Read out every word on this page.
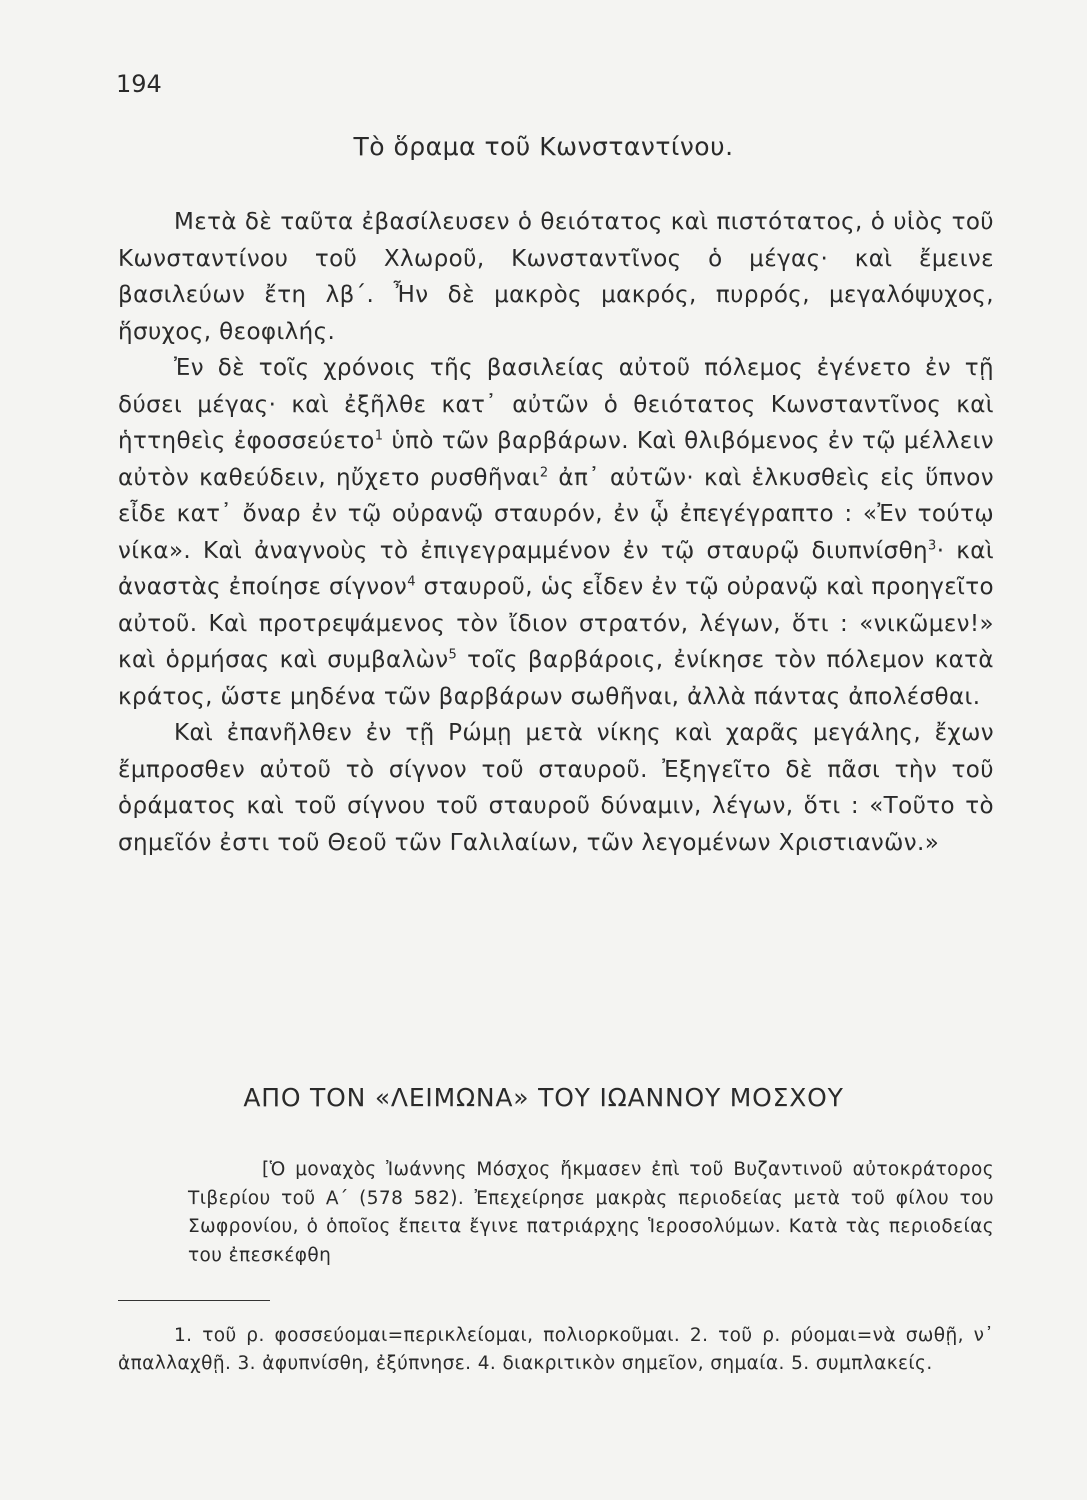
194
Τὸ ὅραμα τοῦ Κωνσταντίνου.

Μετὰ δὲ ταῦτα ἐβασίλευσεν ὁ θειότατος καὶ πιστότατος, ὁ υἱὸς τοῦ Κωνσταντίνου τοῦ Χλωροῦ, Κωνσταντῖνος ὁ μέγας· καὶ ἔμεινε βασιλεύων ἔτη λβ΄. Ἦν δὲ μακρὸς μακρός, πυρρός, μεγαλόψυχος, ἥσυχος, θεοφιλής.

Ἐν δὲ τοῖς χρόνοις τῆς βασιλείας αὐτοῦ πόλεμος ἐγένετο ἐν τῇ δύσει μέγας· καὶ ἐξῆλθε κατ᾽ αὐτῶν ὁ θειότατος Κωνσταντῖνος καὶ ἡττηθεὶς ἐφοσσεύετο$^1$ ὑπὸ τῶν βαρβάρων. Καὶ θλιβόμενος ἐν τῷ μέλλειν αὐτὸν καθεύδειν, ηὔχετο ρυσθῆναι$^2$ ἀπ᾽ αὐτῶν· καὶ ἑλκυσθεὶς εἰς ὕπνον εἶδε κατ᾽ ὄναρ ἐν τῷ οὐρανῷ σταυρόν, ἐν ᾧ ἐπεγέγραπτο : «Ἐν τούτῳ νίκα». Καὶ ἀναγνοὺς τὸ ἐπιγεγραμμένον ἐν τῷ σταυρῷ διυπνίσθη$^3$· καὶ ἀναστὰς ἐποίησε σίγνον$^4$ σταυροῦ, ὡς εἶδεν ἐν τῷ οὐρανῷ καὶ προηγεῖτο αὐτοῦ. Καὶ προτρεψάμενος τὸν ἴδιον στρατόν, λέγων, ὅτι : «νικῶμεν!» καὶ ὁρμήσας καὶ συμβαλὼν$^5$ τοῖς βαρβάροις, ἐνίκησε τὸν πόλεμον κατὰ κράτος, ὥστε μηδένα τῶν βαρβάρων σωθῆναι, ἀλλὰ πάντας ἀπολέσθαι.

Καὶ ἐπανῆλθεν ἐν τῇ Ρώμῃ μετὰ νίκης καὶ χαρᾶς μεγάλης, ἔχων ἔμπροσθεν αὐτοῦ τὸ σίγνον τοῦ σταυροῦ. Ἐξηγεῖτο δὲ πᾶσι τὴν τοῦ ὁράματος καὶ τοῦ σίγνου τοῦ σταυροῦ δύναμιν, λέγων, ὅτι : «Τοῦτο τὸ σημεῖόν ἐστι τοῦ Θεοῦ τῶν Γαλιλαίων, τῶν λεγομένων Χριστιανῶν.»

ΑΠΟ ΤΟΝ «ΛΕΙΜΩΝΑ» ΤΟΥ ΙΩΑΝΝΟΥ ΜΟΣΧΟΥ

[Ὁ μοναχὸς Ἰωάννης Μόσχος ἤκμασεν ἐπὶ τοῦ Βυζαντινοῦ αὐτοκράτορος Τιβερίου τοῦ Α΄ (578 582). Ἐπεχείρησε μακρὰς περιοδείας μετὰ τοῦ φίλου του Σωφρονίου, ὁ ὁποῖος ἔπειτα ἔγινε πατριάρχης Ἱεροσολύμων. Κατὰ τὰς περιοδείας του ἐπεσκέφθη

1. τοῦ ρ. φοσσεύομαι=περικλείομαι, πολιορκοῦμαι. 2. τοῦ ρ. ρύομαι=νὰ σωθῇ, ν᾽ ἀπαλλαχθῇ. 3. ἀφυπνίσθη, ἐξύπνησε. 4. διακριτικὸν σημεῖον, σημαία. 5. συμπλακείς.
